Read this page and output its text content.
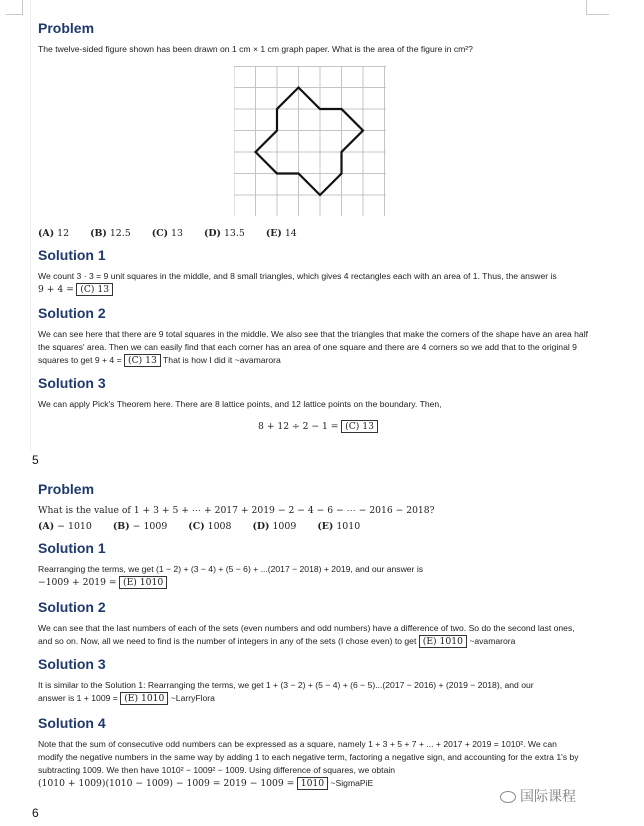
Problem
The twelve-sided figure shown has been drawn on 1 cm × 1 cm graph paper. What is the area of the figure in cm²?
(A) 12 (B) 12.5 (C) 13 (D) 13.5 (E) 14
Solution 1
We count 3 · 3 = 9 unit squares in the middle, and 8 small triangles, which gives 4 rectangles each with an area of 1. Thus, the answer is
9 + 4 = (C) 13
Solution 2
We can see here that there are 9 total squares in the middle. We also see that the triangles that make the corners of the shape have an area half
the squares' area. Then we can easily find that each corner has an area of one square and there are 4 corners so we add that to the original 9
squares to get 9 + 4 = (C) 13 That is how I did it ~avamarora
Solution 3
We can apply Pick's Theorem here. There are 8 lattice points, and 12 lattice points on the boundary. Then,
8 + 12 ÷ 2 − 1 = (C) 13
5
Problem
What is the value of 1 + 3 + 5 + ⋯ + 2017 + 2019 − 2 − 4 − 6 − ⋯ − 2016 − 2018?
(A) − 1010 (B) − 1009 (C) 1008 (D) 1009 (E) 1010
Solution 1
Rearranging the terms, we get (1 − 2) + (3 − 4) + (5 − 6) + ...(2017 − 2018) + 2019, and our answer is
−1009 + 2019 = (E) 1010
Solution 2
We can see that the last numbers of each of the sets (even numbers and odd numbers) have a difference of two. So do the second last ones,
and so on. Now, all we need to find is the number of integers in any of the sets (I chose even) to get (E) 1010 ~avamarora
Solution 3
It is similar to the Solution 1: Rearranging the terms, we get 1 + (3 − 2) + (5 − 4) + (6 − 5)...(2017 − 2016) + (2019 − 2018), and our
answer is 1 + 1009 = (E) 1010 ~LarryFlora
Solution 4
Note that the sum of consecutive odd numbers can be expressed as a square, namely 1 + 3 + 5 + 7 + ... + 2017 + 2019 = 1010². We can
modify the negative numbers in the same way by adding 1 to each negative term, factoring a negative sign, and accounting for the extra 1's by
subtracting 1009. We then have 1010² − 1009² − 1009. Using difference of squares, we obtain
(1010 + 1009)(1010 − 1009) − 1009 = 2019 − 1009 = 1010 ~SigmaPiE
国际课程
6
